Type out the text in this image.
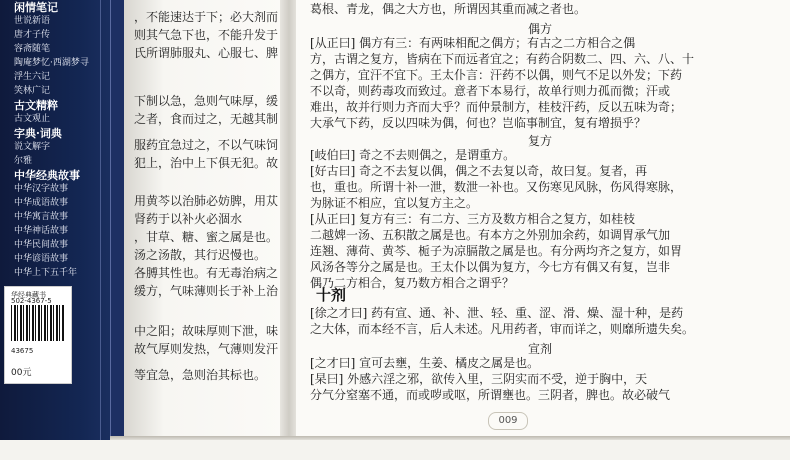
闲情笔记
世说新语
唐才子传
容斋随笔
陶庵梦忆·西湖梦寻
浮生六记
笑林广记
古文精粹
古文观止
字典·词典
说文解字
尔雅
中华经典故事
中华汉字故事
中华成语故事
中华寓言故事
中华神话故事
中华民间故事
中华谚语故事
中华上下五千年
华经典藏书
502-4367-5
43675
00元
，不能速达于下；必大剂而
则其气急下也，不能升发于
氏所谓肺服丸、心服七、脾
下制以急，急则气味厚，缓
之者，食而过之，无越其制
服药宜急过之，不以气味饲
犯上，治中上下俱无犯。故
用黄芩以治肺必妨脾，用苁
肾药于以补火必涸水
，甘草、糖、蜜之属是也。
汤之汤散，其行迟慢也。
各膊其性也。有无毒治病之
缓方，气味薄则长于补上治
中之阳；故味厚则下泄，味
故气厚则发热，气薄则发汗
等宜急，急则治其标也。
葛根、青龙，偶之大方也，所谓因其重而减之者也。
偶方
[从正曰] 偶方有三：有两味相配之偶方；有古之二方相合之偶
方，古谓之复方，皆病在下而远者宜之；有药合阴数二、四、六、八、十
之偶方，宜汗不宜下。王太仆言：汗药不以偶，则气不足以外发；下药
不以奇，则药毒攻而致过。意者下本易行，故单行则力孤而微；汗或
难出，故并行则力齐而大乎？而仲景制方，桂枝汗药，反以五味为奇；
大承气下药，反以四味为偶，何也？岂临事制宜，复有增损乎？
复方
[岐伯曰] 奇之不去则偶之，是谓重方。
[好古曰] 奇之不去复以偶，偶之不去复以奇，故曰复。复者，再
也，重也。所谓十补一泄，数泄一补也。又伤寒见风脉，伤风得寒脉，
为脉证不相应，宜以复方主之。
[从正曰] 复方有三：有二方、三方及数方相合之复方，如桂枝
二越婢一汤、五积散之属是也。有本方之外别加余药，如调胃承气加
连翘、薄荷、黄芩、栀子为凉膈散之属是也。有分两均齐之复方，如胃
风汤各等分之属是也。王太仆以偶为复方，今七方有偶又有复，岂非
偶乃二方相合，复乃数方相合之谓乎？
十剂
[徐之才曰] 药有宣、通、补、泄、轻、重、涩、滑、燥、湿十种，是药
之大体，而本经不言，后人未述。凡用药者，审而详之，则靡所遗失矣。
宣剂
[之才曰] 宣可去壅，生姜、橘皮之属是也。
[杲曰] 外感六淫之邪，欲传入里，三阴实而不受，逆于胸中，天
分气分窒塞不通，而或哕或呕，所谓壅也。三阴者，脾也。故必破气
009
